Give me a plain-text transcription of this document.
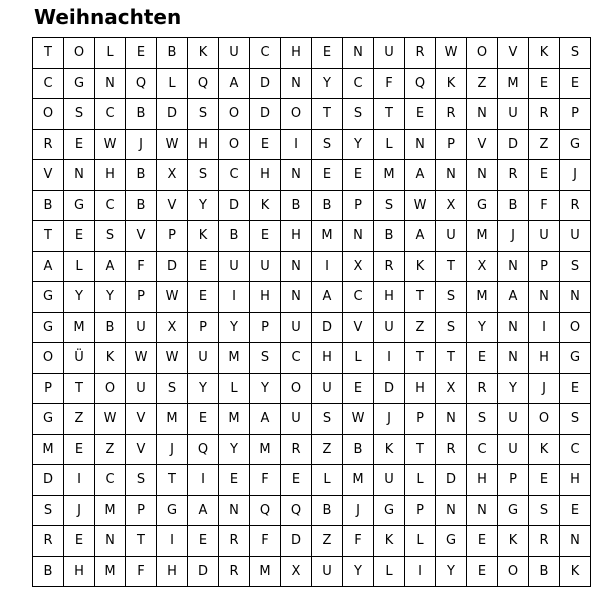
Weihnachten
T	O	L	E	B	K	U	C	H	E	N	U	R	W	O	V	K	S
C	G	N	Q	L	Q	A	D	N	Y	C	F	Q	K	Z	M	E	E
O	S	C	B	D	S	O	D	O	T	S	T	E	R	N	U	R	P
R	E	W	J	W	H	O	E	I	S	Y	L	N	P	V	D	Z	G
V	N	H	B	X	S	C	H	N	E	E	M	A	N	N	R	E	J
B	G	C	B	V	Y	D	K	B	B	P	S	W	X	G	B	F	R
T	E	S	V	P	K	B	E	H	M	N	B	A	U	M	J	U	U
A	L	A	F	D	E	U	U	N	I	X	R	K	T	X	N	P	S
G	Y	Y	P	W	E	I	H	N	A	C	H	T	S	M	A	N	N
G	M	B	U	X	P	Y	P	U	D	V	U	Z	S	Y	N	I	O
O	Ü	K	W	W	U	M	S	C	H	L	I	T	T	E	N	H	G
P	T	O	U	S	Y	L	Y	O	U	E	D	H	X	R	Y	J	E
G	Z	W	V	M	E	M	A	U	S	W	J	P	N	S	U	O	S
M	E	Z	V	J	Q	Y	M	R	Z	B	K	T	R	C	U	K	C
D	I	C	S	T	I	E	F	E	L	M	U	L	D	H	P	E	H
S	J	M	P	G	A	N	Q	Q	B	J	G	P	N	N	G	S	E
R	E	N	T	I	E	R	F	D	Z	F	K	L	G	E	K	R	N
B	H	M	F	H	D	R	M	X	U	Y	L	I	Y	E	O	B	K
